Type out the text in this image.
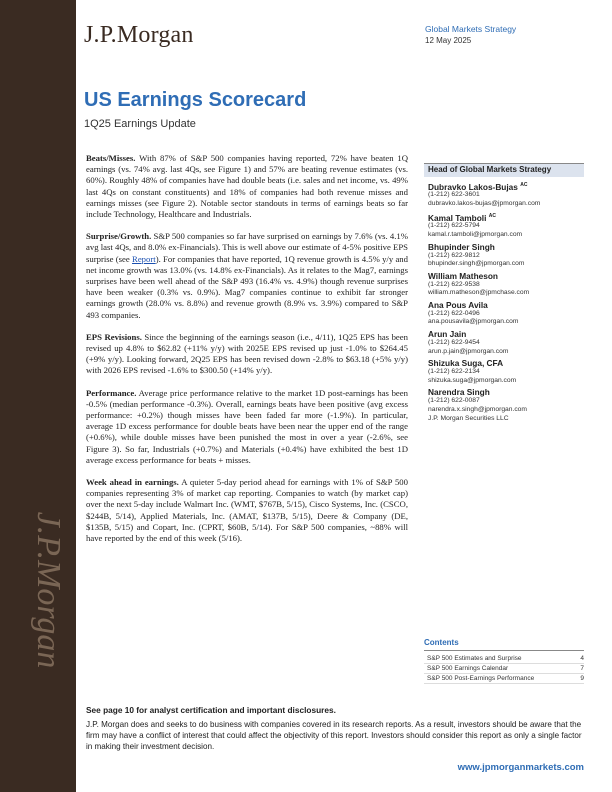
J.P.Morgan
J.P.Morgan	Global Markets Strategy
12 May 2025
US Earnings Scorecard
1Q25 Earnings Update

Beats/Misses. With 87% of S&P 500 companies having reported, 72% have beaten 1Q earnings (vs. 74% avg. last 4Qs, see Figure 1) and 57% are beating revenue estimates (vs. 60%). Roughly 48% of companies have had double beats (i.e. sales and net income, vs. 49% last 4Qs on constant constituents) and 18% of companies had both revenue misses and earnings misses (see Figure 2). Notable sector standouts in terms of earnings beats so far include Technology, Healthcare and Industrials.

Surprise/Growth. S&P 500 companies so far have surprised on earnings by 7.6% (vs. 4.1% avg last 4Qs, and 8.0% ex-Financials). This is well above our estimate of 4-5% positive EPS surprise (see Report). For companies that have reported, 1Q revenue growth is 4.5% y/y and net income growth was 13.0% (vs. 14.8% ex-Financials). As it relates to the Mag7, earnings surprises have been well ahead of the S&P 493 (16.4% vs. 4.9%) though revenue surprises have been weaker (0.3% vs. 0.9%). Mag7 companies continue to exhibit far stronger earnings growth (28.0% vs. 8.8%) and revenue growth (8.9% vs. 3.9%) compared to S&P 493 companies.

EPS Revisions. Since the beginning of the earnings season (i.e., 4/11), 1Q25 EPS has been revised up 4.8% to $62.82 (+11% y/y) with 2025E EPS revised up just -1.0% to $264.45 (+9% y/y). Looking forward, 2Q25 EPS has been revised down -2.8% to $63.18 (+5% y/y) with 2026 EPS revised -1.6% to $300.50 (+14% y/y).

Performance. Average price performance relative to the market 1D post-earnings has been -0.5% (median performance -0.3%). Overall, earnings beats have been positive (avg excess performance: +0.2%) though misses have been faded far more (-1.9%). In particular, average 1D excess performance for double beats have been near the upper end of the range (+0.6%), while double misses have been punished the most in over a year (-2.6%, see Figure 3). So far, Industrials (+0.7%) and Materials (+0.4%) have exhibited the best 1D average excess performance for beats + misses.

Week ahead in earnings. A quieter 5-day period ahead for earnings with 1% of S&P 500 companies representing 3% of market cap reporting. Companies to watch (by market cap) over the next 5-day include Walmart Inc. (WMT, $767B, 5/15), Cisco Systems, Inc. (CSCO, $244B, 5/14), Applied Materials, Inc. (AMAT, $137B, 5/15), Deere & Company (DE, $135B, 5/15) and Copart, Inc. (CPRT, $60B, 5/14). For S&P 500 companies, ~88% will have reported by the end of this week (5/16).

Head of Global Markets Strategy
Dubravko Lakos-Bujas $^{AC}$
(1-212) 622-3601
dubravko.lakos-bujas@jpmorgan.com
Kamal Tamboli $^{AC}$
(1-212) 622-5794
kamal.r.tamboli@jpmorgan.com
Bhupinder Singh
(1-212) 622-9812
bhupinder.singh@jpmorgan.com
William Matheson
(1-212) 622-9538
william.matheson@jpmchase.com
Ana Pous Avila
(1-212) 622-0496
ana.pousavila@jpmorgan.com
Arun Jain
(1-212) 622-9454
arun.p.jain@jpmorgan.com
Shizuka Suga, CFA
(1-212) 622-2134
shizuka.suga@jpmorgan.com
Narendra Singh
(1-212) 622-0087
narendra.x.singh@jpmorgan.com
J.P. Morgan Securities LLC
Contents
S&P 500 Estimates and Surprise	4
S&P 500 Earnings Calendar	7
S&P 500 Post-Earnings Performance	9
See page 10 for analyst certification and important disclosures.
J.P. Morgan does and seeks to do business with companies covered in its research reports. As a result, investors should be aware that the firm may have a conflict of interest that could affect the objectivity of this report. Investors should consider this report as only a single factor in making their investment decision.
www.jpmorganmarkets.com
